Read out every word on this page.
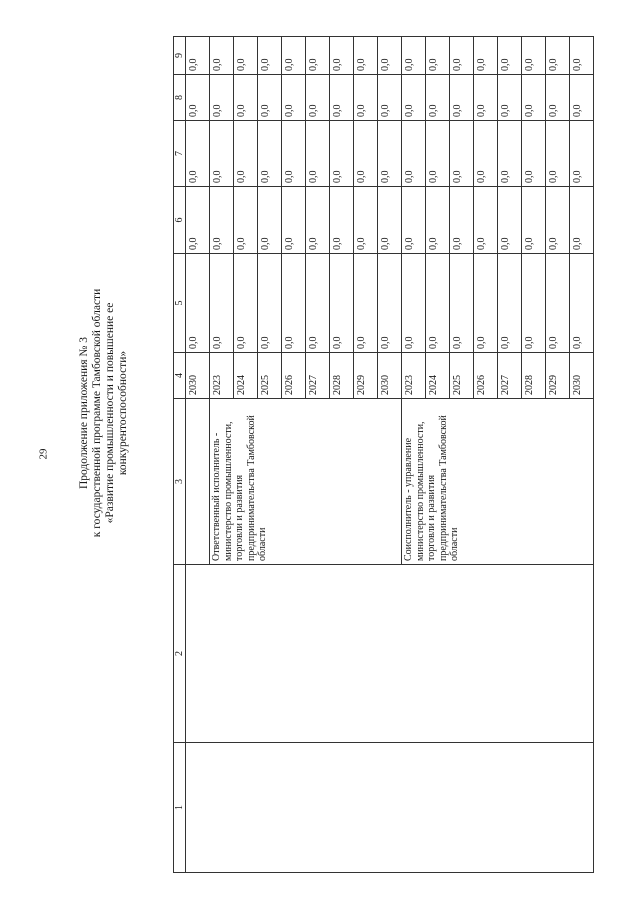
29 Продолжение приложения № 3 к государственной программе Тамбовской области «Развитие промышленности и повышение ее конкурентоспособности»
1	2	3	4	5	6	7	8	9
			2030	0,0	0,0	0,0	0,0	0,0
		Ответственный исполнитель - министерство промышленности, торговли и развития предпринимательства Тамбовской области	2023	0,0	0,0	0,0	0,0	0,0
			2024	0,0	0,0	0,0	0,0	0,0
			2025	0,0	0,0	0,0	0,0	0,0
			2026	0,0	0,0	0,0	0,0	0,0
			2027	0,0	0,0	0,0	0,0	0,0
			2028	0,0	0,0	0,0	0,0	0,0
			2029	0,0	0,0	0,0	0,0	0,0
			2030	0,0	0,0	0,0	0,0	0,0
		Соисполнитель - управление министерство промышленности, торговли и развития предпринимательства Тамбовской области	2023	0,0	0,0	0,0	0,0	0,0
			2024	0,0	0,0	0,0	0,0	0,0
			2025	0,0	0,0	0,0	0,0	0,0
			2026	0,0	0,0	0,0	0,0	0,0
			2027	0,0	0,0	0,0	0,0	0,0
			2028	0,0	0,0	0,0	0,0	0,0
			2029	0,0	0,0	0,0	0,0	0,0
			2030	0,0	0,0	0,0	0,0	0,0
